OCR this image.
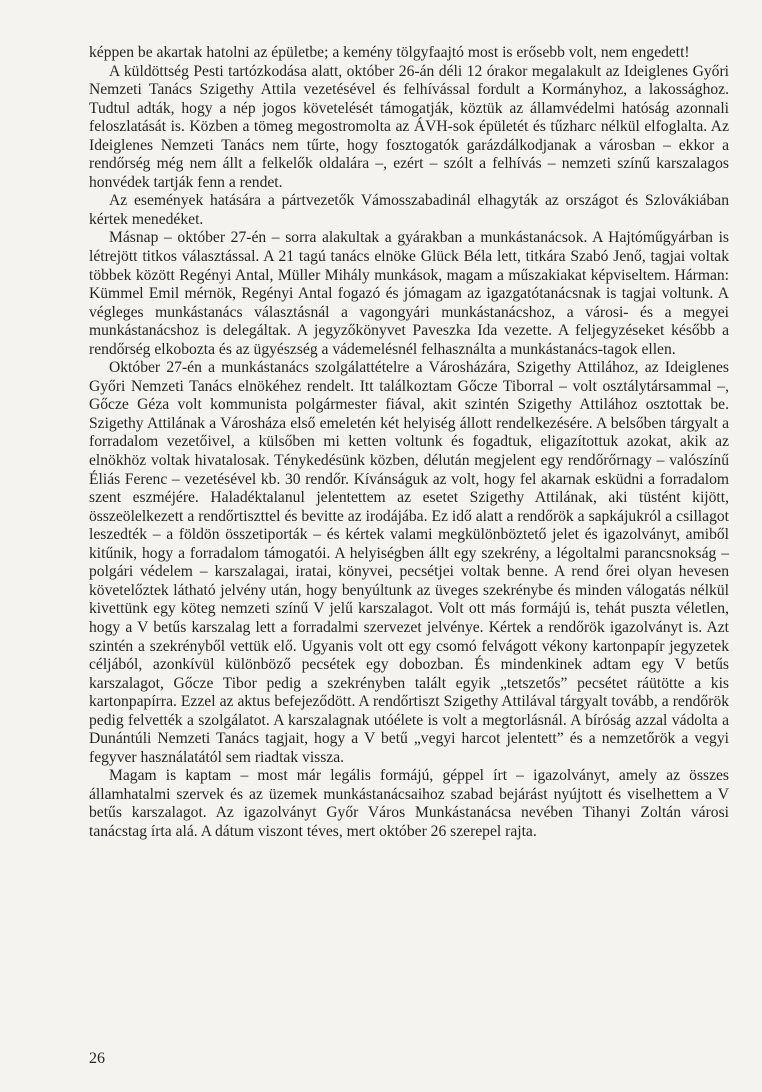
képpen be akartak hatolni az épületbe; a kemény tölgyfaajtó most is erősebb volt, nem engedett!

A küldöttség Pesti tartózkodása alatt, október 26-án déli 12 órakor megalakult az Ideiglenes Győri Nemzeti Tanács Szigethy Attila vezetésével és felhívással fordult a Kormányhoz, a lakossághoz. Tudtul adták, hogy a nép jogos követelését támogatják, köztük az államvédelmi hatóság azonnali feloszlatását is. Közben a tömeg megostromolta az ÁVH-sok épületét és tűzharc nélkül elfoglalta. Az Ideiglenes Nemzeti Tanács nem tűrte, hogy fosztogatók garázdálkodjanak a városban – ekkor a rendőrség még nem állt a felkelők oldalára –, ezért – szólt a felhívás – nemzeti színű karszalagos honvédek tartják fenn a rendet.

Az események hatására a pártvezetők Vámosszabadinál elhagyták az országot és Szlovákiában kértek menedéket.

Másnap – október 27-én – sorra alakultak a gyárakban a munkástanácsok. A Hajtóműgyárban is létrejött titkos választással. A 21 tagú tanács elnöke Glück Béla lett, titkára Szabó Jenő, tagjai voltak többek között Regényi Antal, Müller Mihály munkások, magam a műszakiakat képviseltem. Hárman: Kümmel Emil mérnök, Regényi Antal fogazó és jómagam az igazgatótanácsnak is tagjai voltunk. A végleges munkástanács választásnál a vagongyári munkástanácshoz, a városi- és a megyei munkástanácshoz is delegáltak. A jegyzőkönyvet Paveszka Ida vezette. A feljegyzéseket később a rendőrség elkobozta és az ügyészség a vádemelésnél felhasználta a munkástanács-tagok ellen.

Október 27-én a munkástanács szolgálattételre a Városházára, Szigethy Attilához, az Ideiglenes Győri Nemzeti Tanács elnökéhez rendelt. Itt találkoztam Gőcze Tiborral – volt osztálytársammal –, Gőcze Géza volt kommunista polgármester fiával, akit szintén Szigethy Attilához osztottak be. Szigethy Attilának a Városháza első emeletén két helyiség állott rendelkezésére. A belsőben tárgyalt a forradalom vezetőivel, a külsőben mi ketten voltunk és fogadtuk, eligazítottuk azokat, akik az elnökhöz voltak hivatalosak. Ténykedésünk közben, délután megjelent egy rendőrőrnagy – valószínű Éliás Ferenc – vezetésével kb. 30 rendőr. Kívánságuk az volt, hogy fel akarnak esküdni a forradalom szent eszméjére. Haladéktalanul jelentettem az esetet Szigethy Attilának, aki tüstént kijött, összeölelkezett a rendőrtiszttel és bevitte az irodájába. Ez idő alatt a rendőrök a sapkájukról a csillagot leszedték – a földön összetiporták – és kértek valami megkülönböztető jelet és igazolványt, amiből kitűnik, hogy a forradalom támogatói. A helyiségben állt egy szekrény, a légoltalmi parancsnokság – polgári védelem – karszalagai, iratai, könyvei, pecsétjei voltak benne. A rend őrei olyan hevesen követelőztek látható jelvény után, hogy benyúltunk az üveges szekrénybe és minden válogatás nélkül kivettünk egy köteg nemzeti színű V jelű karszalagot. Volt ott más formájú is, tehát puszta véletlen, hogy a V betűs karszalag lett a forradalmi szervezet jelvénye. Kértek a rendőrök igazolványt is. Azt szintén a szekrényből vettük elő. Ugyanis volt ott egy csomó felvágott vékony kartonpapír jegyzetek céljából, azonkívül különböző pecsétek egy dobozban. És mindenkinek adtam egy V betűs karszalagot, Gőcze Tibor pedig a szekrényben talált egyik „tetszetős” pecsétet ráütötte a kis kartonpapírra. Ezzel az aktus befejeződött. A rendőrtiszt Szigethy Attilával tárgyalt tovább, a rendőrök pedig felvették a szolgálatot. A karszalagnak utóélete is volt a megtorlásnál. A bíróság azzal vádolta a Dunántúli Nemzeti Tanács tagjait, hogy a V betű „vegyi harcot jelentett” és a nemzetőrök a vegyi fegyver használatától sem riadtak vissza.

Magam is kaptam – most már legális formájú, géppel írt – igazolványt, amely az összes államhatalmi szervek és az üzemek munkástanácsaihoz szabad bejárást nyújtott és viselhettem a V betűs karszalagot. Az igazolványt Győr Város Munkástanácsa nevében Tihanyi Zoltán városi tanácstag írta alá. A dátum viszont téves, mert október 26 szerepel rajta.

26
